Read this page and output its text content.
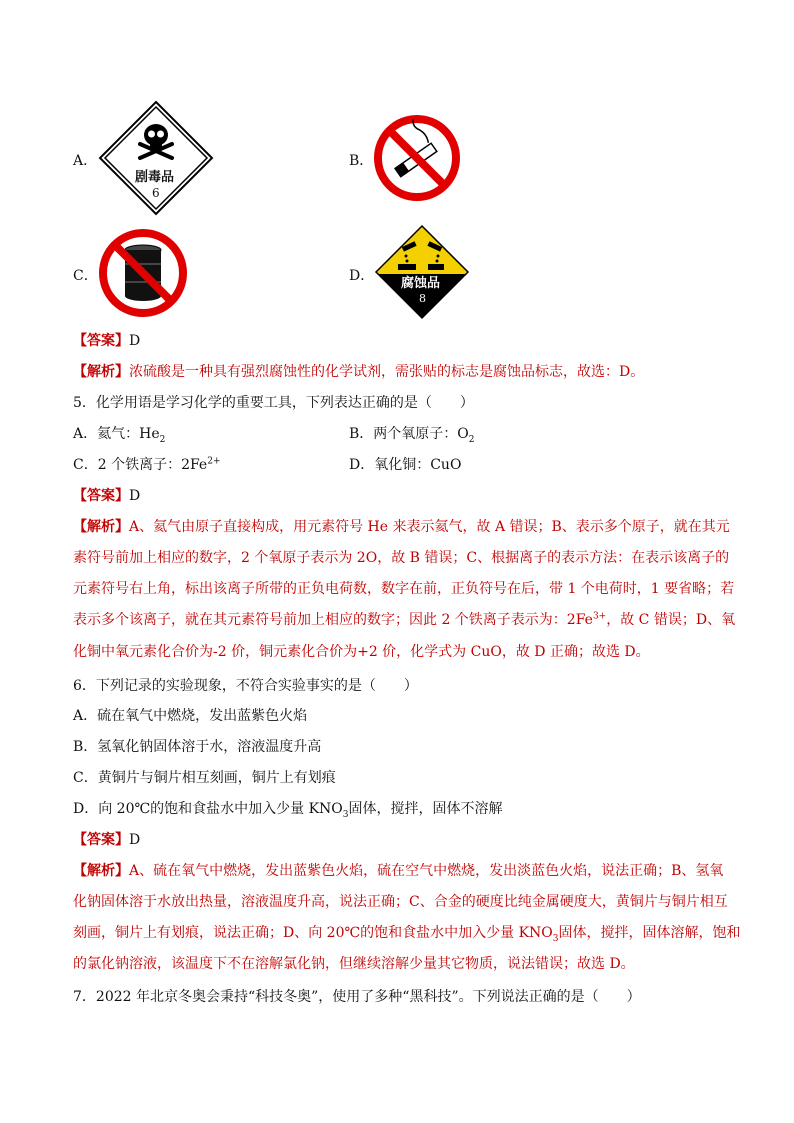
A．
剧毒品
6
B．
C．	D． 腐蚀品
8
【答案】D
【解析】浓硫酸是一种具有强烈腐蚀性的化学试剂，需张贴的标志是腐蚀品标志，故选：D。
5．化学用语是学习化学的重要工具，下列表达正确的是（　　）
A．氦气：$He_2$	B．两个氧原子：$O_2$
C．2 个铁离子：$2Fe^{2+}$	D．氧化铜：CuO
【答案】D
【解析】A、氦气由原子直接构成，用元素符号 He 来表示氦气，故 A 错误；B、表示多个原子，就在其元
素符号前加上相应的数字，2 个氧原子表示为 2O，故 B 错误；C、根据离子的表示方法：在表示该离子的
元素符号右上角，标出该离子所带的正负电荷数，数字在前，正负符号在后，带 1 个电荷时，1 要省略；若
表示多个该离子，就在其元素符号前加上相应的数字；因此 2 个铁离子表示为：$2Fe^{3+}$，故 C 错误；D、氧
化铜中氧元素化合价为-2 价，铜元素化合价为+2 价，化学式为 CuO，故 D 正确；故选 D。
6．下列记录的实验现象，不符合实验事实的是（　　）
A．硫在氧气中燃烧，发出蓝紫色火焰
B．氢氧化钠固体溶于水，溶液温度升高
C．黄铜片与铜片相互刻画，铜片上有划痕
D．向 20℃的饱和食盐水中加入少量 $KNO_3$固体，搅拌，固体不溶解
【答案】D
【解析】A、硫在氧气中燃烧，发出蓝紫色火焰，硫在空气中燃烧，发出淡蓝色火焰，说法正确；B、氢氧
化钠固体溶于水放出热量，溶液温度升高，说法正确；C、合金的硬度比纯金属硬度大，黄铜片与铜片相互
刻画，铜片上有划痕，说法正确；D、向 20℃的饱和食盐水中加入少量 $KNO_3$固体，搅拌，固体溶解，饱和
的氯化钠溶液，该温度下不在溶解氯化钠，但继续溶解少量其它物质，说法错误；故选 D。
7．2022 年北京冬奥会秉持“科技冬奥”，使用了多种“黑科技”。下列说法正确的是（　　）
